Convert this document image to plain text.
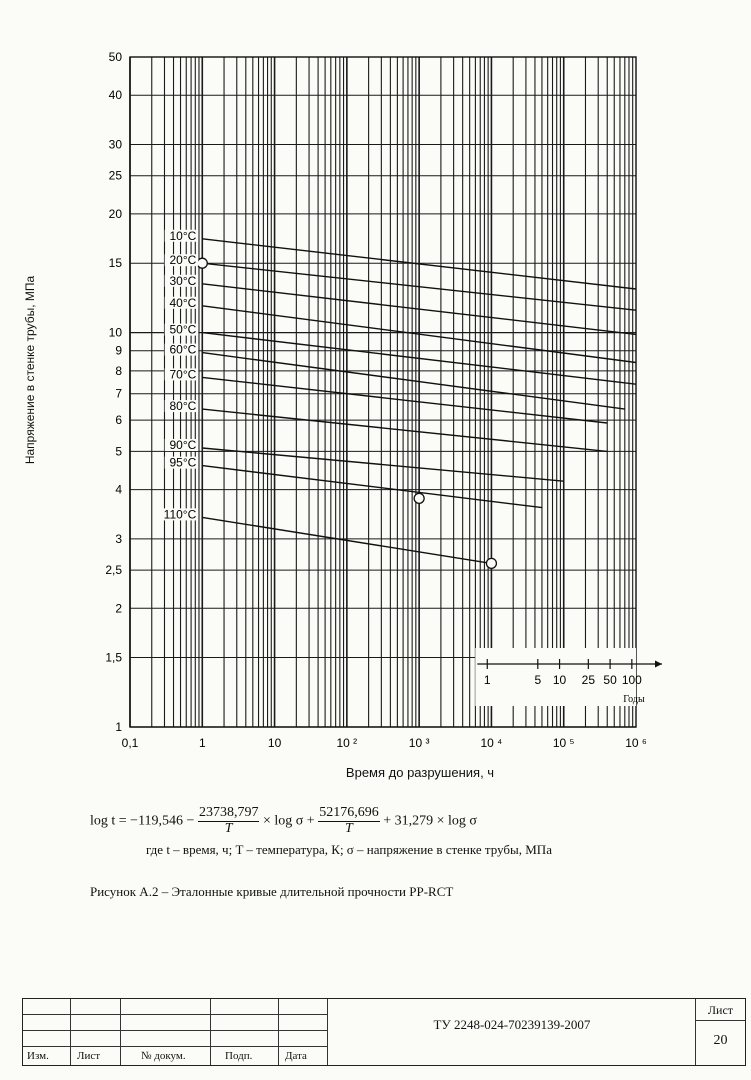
10°C
20°C
30°C
40°C
50°C
60°C
70°C
80°C
90°C
95°C
110°C
1
1,5
2
2,5
3
4
5
6
7
8
9
10
15
20
25
30
40
50
0,1	1	10	10 ²	10 ³	10 ⁴	10 ⁵	10 ⁶
1	5 10 25 50 100
Годы
Напряжение в стенке трубы, МПа
Время до разрушения, ч
$\log t = -119,546 - \frac{23738,797}{T} \times \log \sigma + \frac{52176,696}{T} + 31,279 \times \log \sigma$
где t – время, ч; T – температура, К; σ – напряжение в стенке трубы, МПа
Рисунок А.2 – Эталонные кривые длительной прочности PP-RCT
Изм.	Лист	№ докум.	Подп.	Дата
ТУ 2248-024-70239139-2007
Лист
20
